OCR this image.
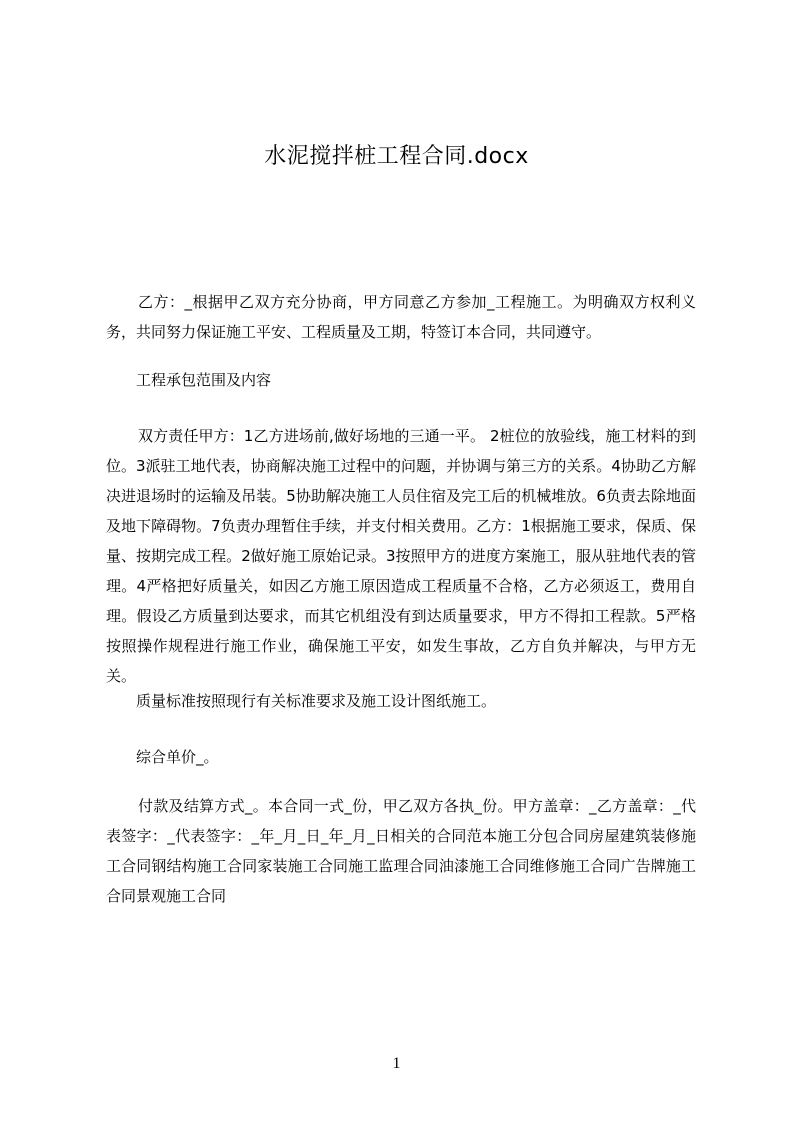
水泥搅拌桩工程合同.docx
乙方：_根据甲乙双方充分协商，甲方同意乙方参加_工程施工。为明确双方权利义务，共同努力保证施工平安、工程质量及工期，特签订本合同，共同遵守。
工程承包范围及内容
双方责任甲方：1乙方进场前,做好场地的三通一平。 2桩位的放验线，施工材料的到位。3派驻工地代表，协商解决施工过程中的问题，并协调与第三方的关系。4协助乙方解决进退场时的运输及吊装。5协助解决施工人员住宿及完工后的机械堆放。6负责去除地面及地下障碍物。7负责办理暂住手续，并支付相关费用。乙方：1根据施工要求，保质、保量、按期完成工程。2做好施工原始记录。3按照甲方的进度方案施工，服从驻地代表的管理。4严格把好质量关，如因乙方施工原因造成工程质量不合格，乙方必须返工，费用自理。假设乙方质量到达要求，而其它机组没有到达质量要求，甲方不得扣工程款。5严格按照操作规程进行施工作业，确保施工平安，如发生事故，乙方自负并解决，与甲方无关。
质量标准按照现行有关标准要求及施工设计图纸施工。
综合单价_。
付款及结算方式_。本合同一式_份，甲乙双方各执_份。甲方盖章：_乙方盖章：_代表签字：_代表签字：_年_月_日_年_月_日相关的合同范本施工分包合同房屋建筑装修施工合同钢结构施工合同家装施工合同施工监理合同油漆施工合同维修施工合同广告牌施工合同景观施工合同
1
